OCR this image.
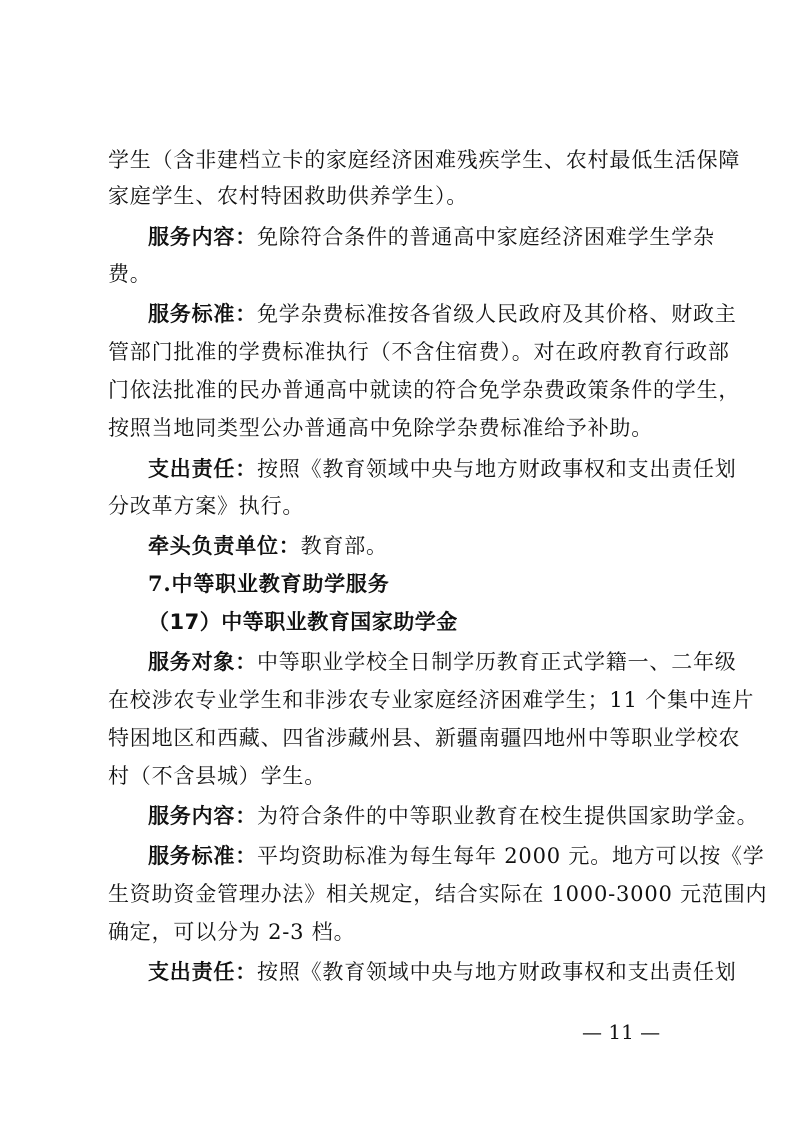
学生（含非建档立卡的家庭经济困难残疾学生、农村最低生活保障
家庭学生、农村特困救助供养学生）。
服务内容：免除符合条件的普通高中家庭经济困难学生学杂
费。
服务标准：免学杂费标准按各省级人民政府及其价格、财政主
管部门批准的学费标准执行（不含住宿费）。对在政府教育行政部
门依法批准的民办普通高中就读的符合免学杂费政策条件的学生，
按照当地同类型公办普通高中免除学杂费标准给予补助。
支出责任：按照《教育领域中央与地方财政事权和支出责任划
分改革方案》执行。
牵头负责单位：教育部。
7.中等职业教育助学服务
（17）中等职业教育国家助学金
服务对象：中等职业学校全日制学历教育正式学籍一、二年级
在校涉农专业学生和非涉农专业家庭经济困难学生；11 个集中连片
特困地区和西藏、四省涉藏州县、新疆南疆四地州中等职业学校农
村（不含县城）学生。
服务内容：为符合条件的中等职业教育在校生提供国家助学金。
服务标准：平均资助标准为每生每年 2000 元。地方可以按《学
生资助资金管理办法》相关规定，结合实际在 1000-3000 元范围内
确定，可以分为 2-3 档。
支出责任：按照《教育领域中央与地方财政事权和支出责任划
— 11 —
